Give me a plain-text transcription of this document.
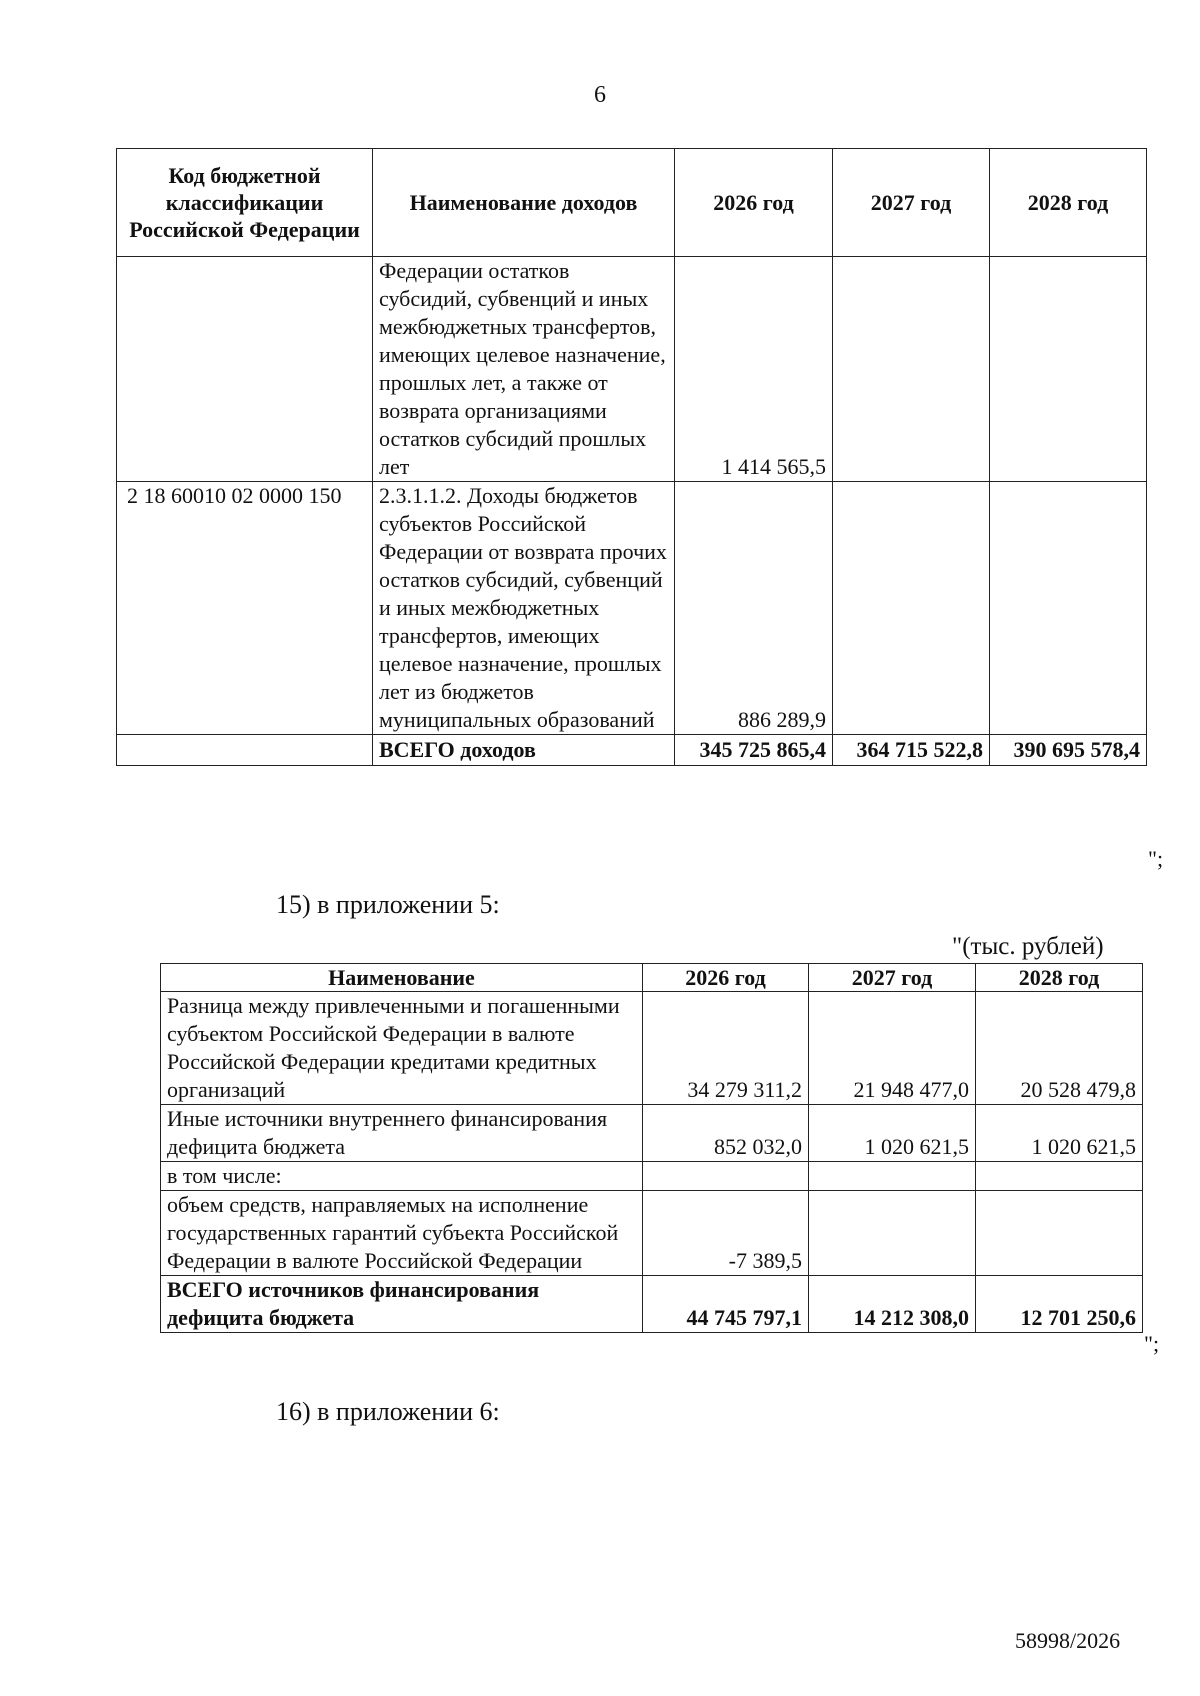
6
Код бюджетной классификации Российской Федерации	Наименование доходов	2026 год	2027 год	2028 год
	Федерации остатков субсидий, субвенций и иных межбюджетных трансфертов, имеющих целевое назначение, прошлых лет, а также от возврата организациями остатков субсидий прошлых лет	1 414 565,5		
2 18 60010 02 0000 150	2.3.1.1.2. Доходы бюджетов субъектов Российской Федерации от возврата прочих остатков субсидий, субвенций и иных межбюджетных трансфертов, имеющих целевое назначение, прошлых лет из бюджетов муниципальных образований	886 289,9		
	ВСЕГО доходов	345 725 865,4	364 715 522,8	390 695 578,4
";
15) в приложении 5:
"(тыс. рублей)
Наименование	2026 год	2027 год	2028 год
Разница между привлеченными и погашенными субъектом Российской Федерации в валюте Российской Федерации кредитами кредитных организаций	34 279 311,2	21 948 477,0	20 528 479,8
Иные источники внутреннего финансирования дефицита бюджета	852 032,0	1 020 621,5	1 020 621,5
в том числе:			
объем средств, направляемых на исполнение государственных гарантий субъекта Российской Федерации в валюте Российской Федерации	-7 389,5		
ВСЕГО источников финансирования дефицита бюджета	44 745 797,1	14 212 308,0	12 701 250,6
";
16) в приложении 6:
58998/2026
